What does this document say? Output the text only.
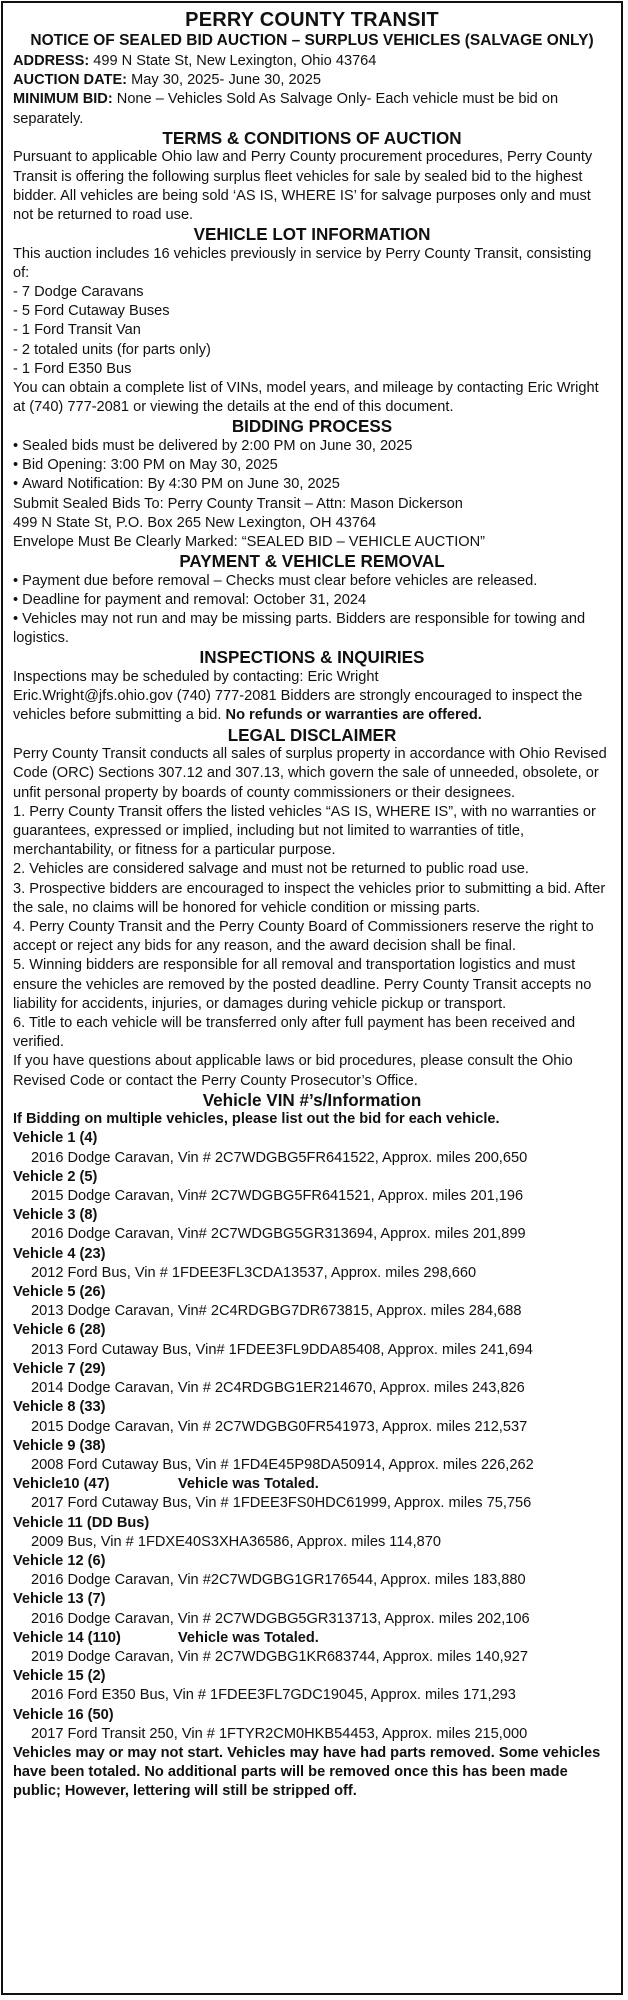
PERRY COUNTY TRANSIT
NOTICE OF SEALED BID AUCTION – SURPLUS VEHICLES (SALVAGE ONLY)

ADDRESS: 499 N State St, New Lexington, Ohio 43764

AUCTION DATE: May 30, 2025- June 30, 2025

MINIMUM BID: None – Vehicles Sold As Salvage Only- Each vehicle must be bid on separately.

TERMS & CONDITIONS OF AUCTION

Pursuant to applicable Ohio law and Perry County procurement procedures, Perry County Transit is offering the following surplus fleet vehicles for sale by sealed bid to the highest bidder. All vehicles are being sold ‘AS IS, WHERE IS’ for salvage purposes only and must not be returned to road use.

VEHICLE LOT INFORMATION

This auction includes 16 vehicles previously in service by Perry County Transit, consisting of:

- 7 Dodge Caravans

- 5 Ford Cutaway Buses

- 1 Ford Transit Van

- 2 totaled units (for parts only)

- 1 Ford E350 Bus

You can obtain a complete list of VINs, model years, and mileage by contacting Eric Wright at (740) 777-2081 or viewing the details at the end of this document.

BIDDING PROCESS

• Sealed bids must be delivered by 2:00 PM on June 30, 2025

• Bid Opening: 3:00 PM on May 30, 2025

• Award Notification: By 4:30 PM on June 30, 2025

Submit Sealed Bids To: Perry County Transit – Attn: Mason Dickerson

499 N State St, P.O. Box 265 New Lexington, OH 43764

Envelope Must Be Clearly Marked: “SEALED BID – VEHICLE AUCTION”

PAYMENT & VEHICLE REMOVAL

• Payment due before removal – Checks must clear before vehicles are released.

• Deadline for payment and removal: October 31, 2024

• Vehicles may not run and may be missing parts. Bidders are responsible for towing and logistics.

INSPECTIONS & INQUIRIES

Inspections may be scheduled by contacting: Eric Wright

Eric.Wright@jfs.ohio.gov (740) 777-2081 Bidders are strongly encouraged to inspect the vehicles before submitting a bid. No refunds or warranties are offered.

LEGAL DISCLAIMER

Perry County Transit conducts all sales of surplus property in accordance with Ohio Revised Code (ORC) Sections 307.12 and 307.13, which govern the sale of unneeded, obsolete, or unfit personal property by boards of county commissioners or their designees.

1. Perry County Transit offers the listed vehicles “AS IS, WHERE IS”, with no warranties or guarantees, expressed or implied, including but not limited to warranties of title, merchantability, or fitness for a particular purpose.

2. Vehicles are considered salvage and must not be returned to public road use.

3. Prospective bidders are encouraged to inspect the vehicles prior to submitting a bid. After the sale, no claims will be honored for vehicle condition or missing parts.

4. Perry County Transit and the Perry County Board of Commissioners reserve the right to accept or reject any bids for any reason, and the award decision shall be final.

5. Winning bidders are responsible for all removal and transportation logistics and must ensure the vehicles are removed by the posted deadline. Perry County Transit accepts no liability for accidents, injuries, or damages during vehicle pickup or transport.

6. Title to each vehicle will be transferred only after full payment has been received and verified.

If you have questions about applicable laws or bid procedures, please consult the Ohio Revised Code or contact the Perry County Prosecutor’s Office.

Vehicle VIN #’s/Information

If Bidding on multiple vehicles, please list out the bid for each vehicle.

Vehicle 1 (4)

2016 Dodge Caravan, Vin # 2C7WDGBG5FR641522, Approx. miles 200,650

Vehicle 2 (5)

2015 Dodge Caravan, Vin# 2C7WDGBG5FR641521, Approx. miles 201,196

Vehicle 3 (8)

2016 Dodge Caravan, Vin# 2C7WDGBG5GR313694, Approx. miles 201,899

Vehicle 4 (23)

2012 Ford Bus, Vin # 1FDEE3FL3CDA13537, Approx. miles 298,660

Vehicle 5 (26)

2013 Dodge Caravan, Vin# 2C4RDGBG7DR673815, Approx. miles 284,688

Vehicle 6 (28)

2013 Ford Cutaway Bus, Vin# 1FDEE3FL9DDA85408, Approx. miles 241,694

Vehicle 7 (29)

2014 Dodge Caravan, Vin # 2C4RDGBG1ER214670, Approx. miles 243,826

Vehicle 8 (33)

2015 Dodge Caravan, Vin # 2C7WDGBG0FR541973, Approx. miles 212,537

Vehicle 9 (38)

2008 Ford Cutaway Bus, Vin # 1FD4E45P98DA50914, Approx. miles 226,262

Vehicle10 (47)	Vehicle was Totaled.

2017 Ford Cutaway Bus, Vin # 1FDEE3FS0HDC61999, Approx. miles 75,756

Vehicle 11 (DD Bus)

2009 Bus, Vin # 1FDXE40S3XHA36586, Approx. miles 114,870

Vehicle 12 (6)

2016 Dodge Caravan, Vin #2C7WDGBG1GR176544, Approx. miles 183,880

Vehicle 13 (7)

2016 Dodge Caravan, Vin # 2C7WDGBG5GR313713, Approx. miles 202,106

Vehicle 14 (110)	Vehicle was Totaled.

2019 Dodge Caravan, Vin # 2C7WDGBG1KR683744, Approx. miles 140,927

Vehicle 15 (2)

2016 Ford E350 Bus, Vin # 1FDEE3FL7GDC19045, Approx. miles 171,293

Vehicle 16 (50)

2017 Ford Transit 250, Vin # 1FTYR2CM0HKB54453, Approx. miles 215,000

Vehicles may or may not start. Vehicles may have had parts removed. Some vehicles have been totaled. No additional parts will be removed once this has been made public; However, lettering will still be stripped off.
